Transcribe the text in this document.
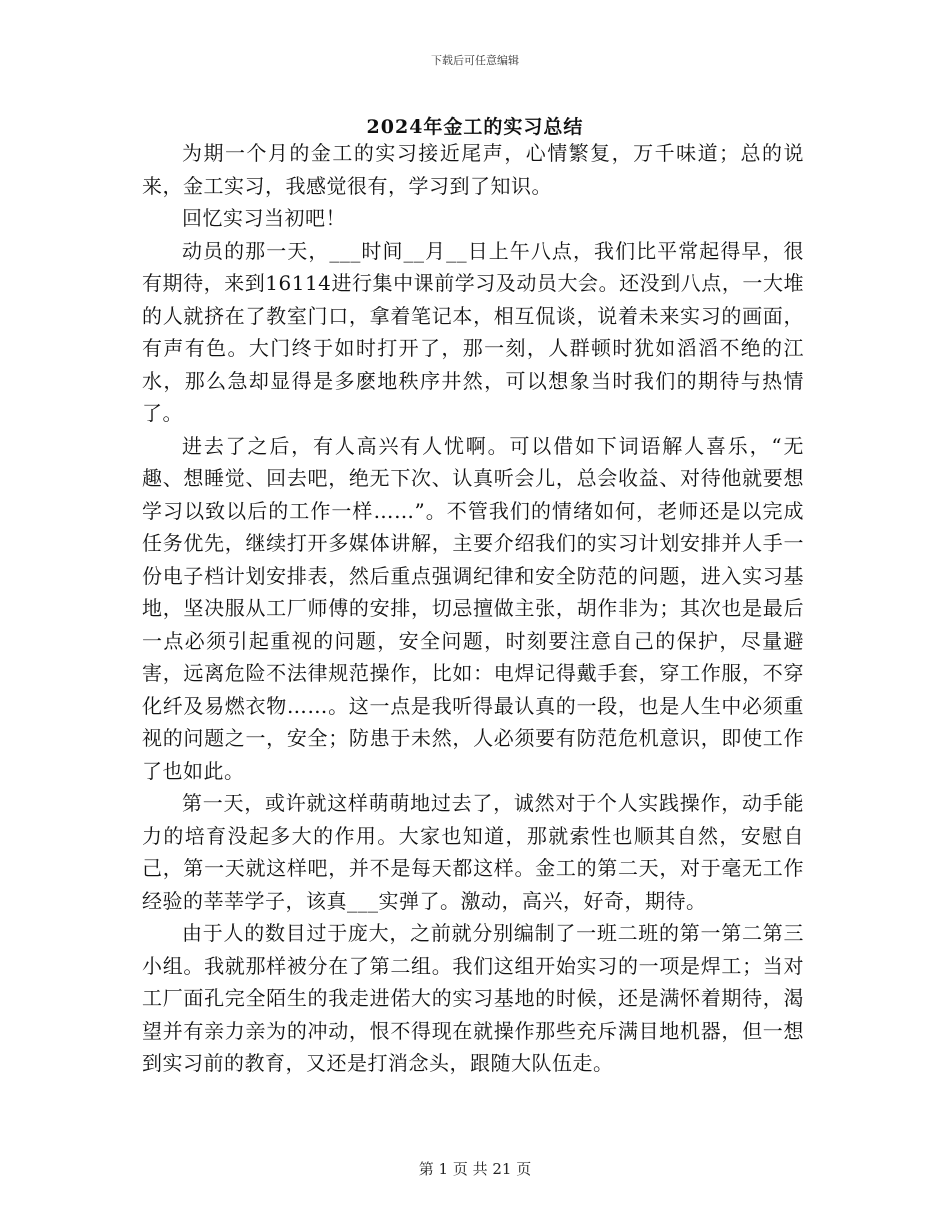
下载后可任意编辑
2024年金工的实习总结

为期一个月的金工的实习接近尾声，心情繁复，万千味道；总的说来，金工实习，我感觉很有，学习到了知识。

回忆实习当初吧！

动员的那一天，___时间__月__日上午八点，我们比平常起得早，很有期待，来到16114进行集中课前学习及动员大会。还没到八点，一大堆的人就挤在了教室门口，拿着笔记本，相互侃谈，说着未来实习的画面，有声有色。大门终于如时打开了，那一刻，人群顿时犹如滔滔不绝的江水，那么急却显得是多麽地秩序井然，可以想象当时我们的期待与热情了。

进去了之后，有人高兴有人忧啊。可以借如下词语解人喜乐，“无趣、想睡觉、回去吧，绝无下次、认真听会儿，总会收益、对待他就要想学习以致以后的工作一样……”。不管我们的情绪如何，老师还是以完成任务优先，继续打开多媒体讲解，主要介绍我们的实习计划安排并人手一份电子档计划安排表，然后重点强调纪律和安全防范的问题，进入实习基地，坚决服从工厂师傅的安排，切忌擅做主张，胡作非为；其次也是最后一点必须引起重视的问题，安全问题，时刻要注意自己的保护，尽量避害，远离危险不法律规范操作，比如：电焊记得戴手套，穿工作服，不穿化纤及易燃衣物……。这一点是我听得最认真的一段，也是人生中必须重视的问题之一，安全；防患于未然，人必须要有防范危机意识，即使工作了也如此。

第一天，或许就这样萌萌地过去了，诚然对于个人实践操作，动手能力的培育没起多大的作用。大家也知道，那就索性也顺其自然，安慰自己，第一天就这样吧，并不是每天都这样。金工的第二天，对于毫无工作经验的莘莘学子，该真___实弹了。激动，高兴，好奇，期待。

由于人的数目过于庞大，之前就分别编制了一班二班的第一第二第三小组。我就那样被分在了第二组。我们这组开始实习的一项是焊工；当对工厂面孔完全陌生的我走进偌大的实习基地的时候，还是满怀着期待，渴望并有亲力亲为的冲动，恨不得现在就操作那些充斥满目地机器，但一想到实习前的教育，又还是打消念头，跟随大队伍走。

第 1 页 共 21 页
